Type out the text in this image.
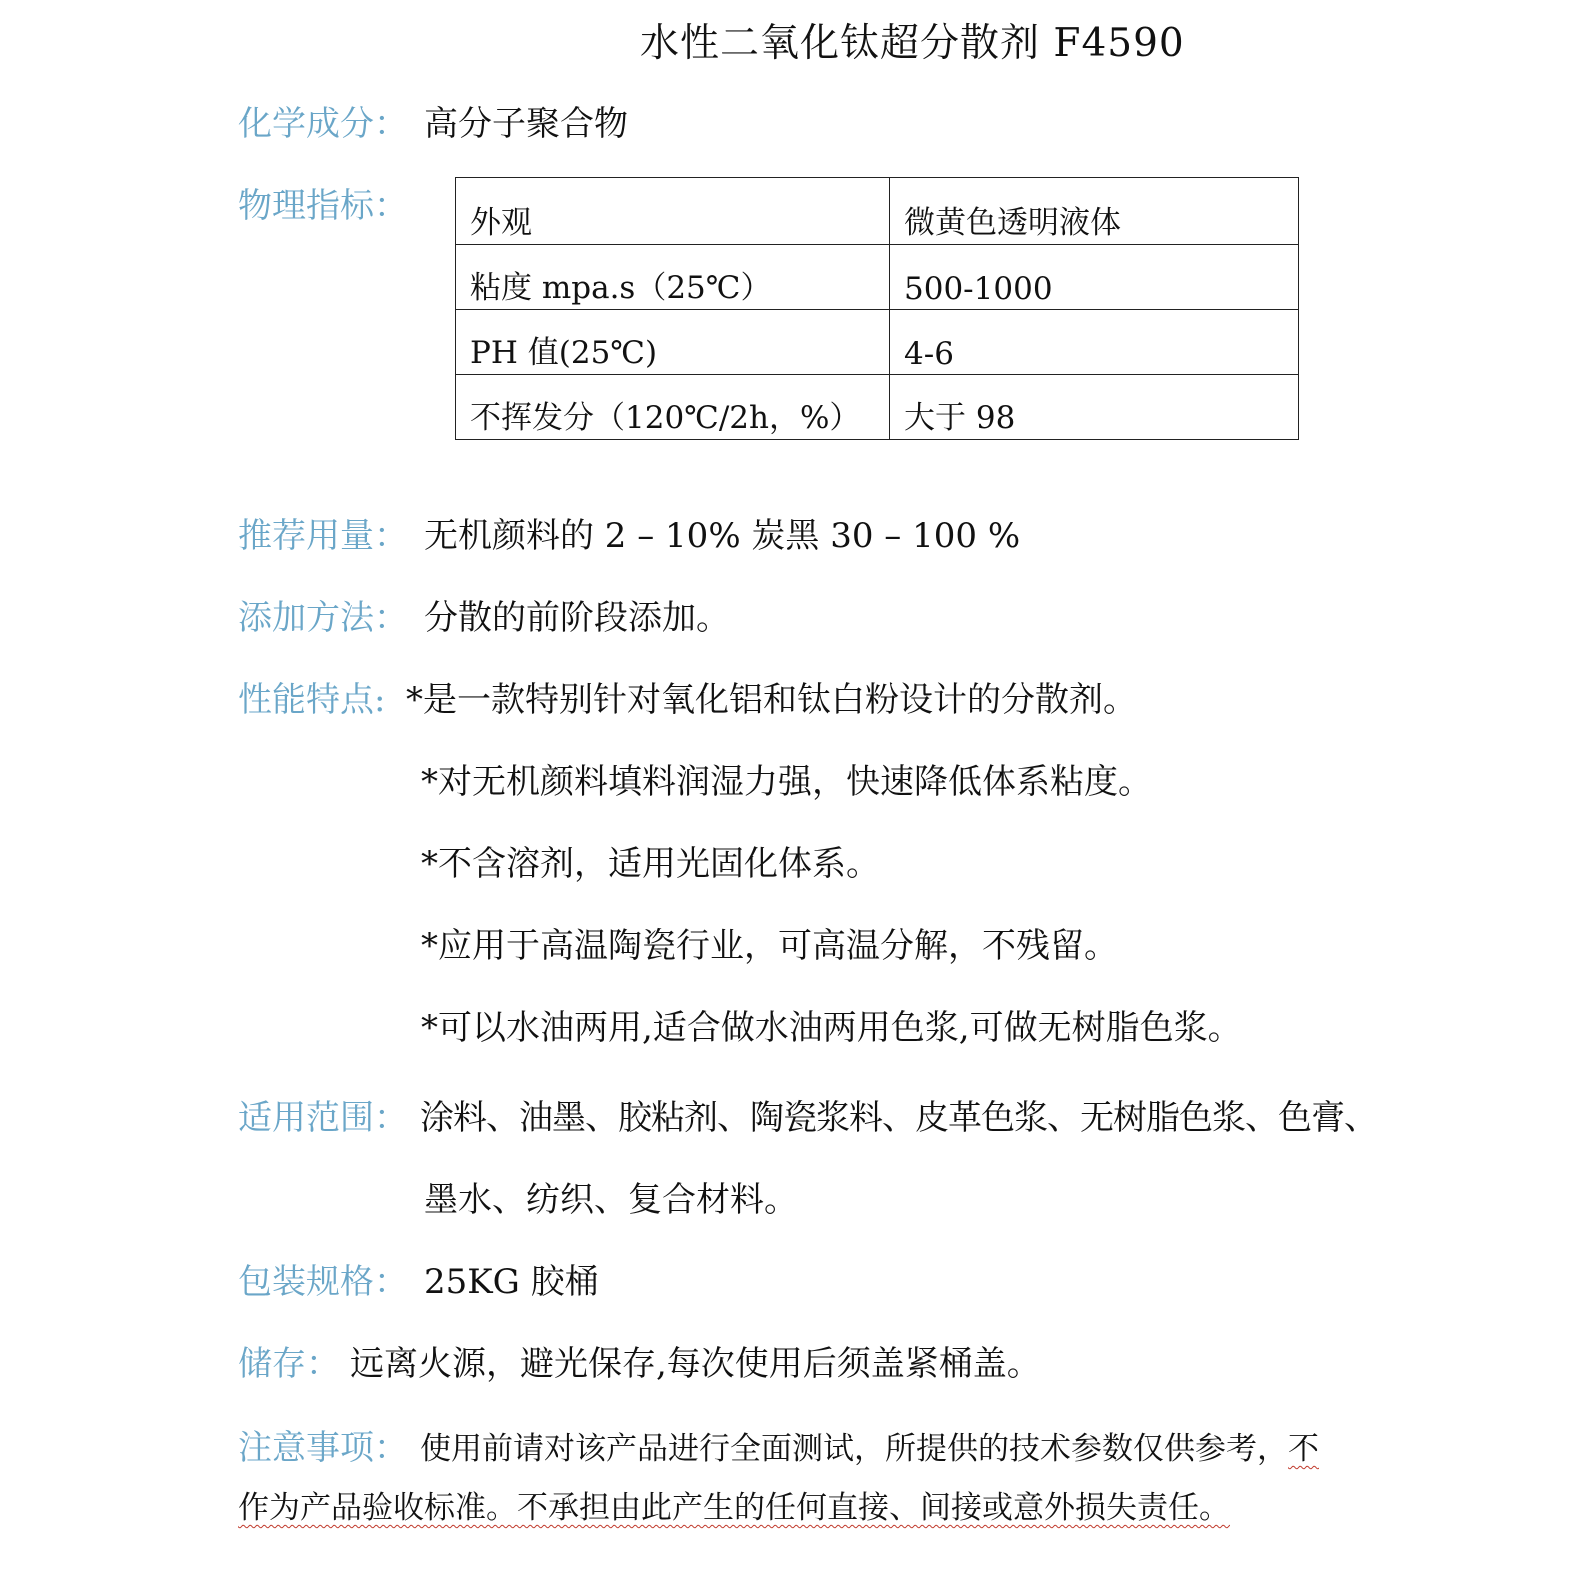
水性二氧化钛超分散剂 F4590
化学成分： 高分子聚合物
物理指标： 外观	微黄色透明液体
粘度 mpa.s（25℃）	500-1000
PH 值(25℃)	4-6
不挥发分（120℃/2h，%）	大于 98
推荐用量： 无机颜料的 2 – 10% 炭黑 30 – 100 %
添加方法： 分散的前阶段添加。
性能特点: *是一款特别针对氧化铝和钛白粉设计的分散剂。
*对无机颜料填料润湿力强，快速降低体系粘度。
*不含溶剂，适用光固化体系。
*应用于高温陶瓷行业，可高温分解，不残留。
*可以水油两用,适合做水油两用色浆,可做无树脂色浆。
适用范围： 涂料、油墨、胶粘剂、陶瓷浆料、皮革色浆、无树脂色浆、色膏、
墨水、纺织、复合材料。
包装规格： 25KG 胶桶
储存： 远离火源，避光保存,每次使用后须盖紧桶盖。
注意事项： 使用前请对该产品进行全面测试，所提供的技术参数仅供参考，不
作为产品验收标准。不承担由此产生的任何直接、间接或意外损失责任。
